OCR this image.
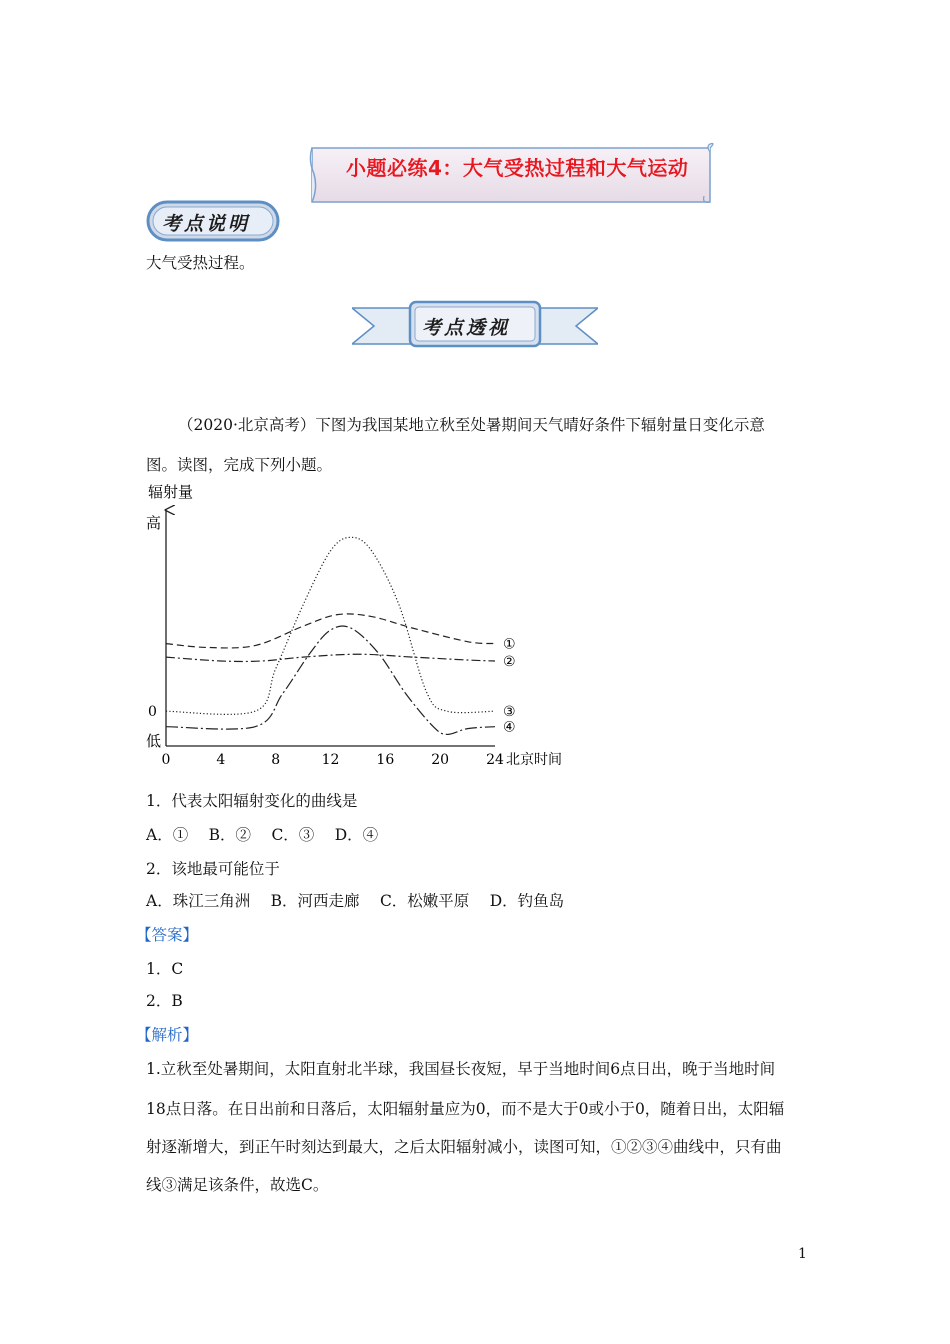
小题必练4：大气受热过程和大气运动
考点说明
大气受热过程。
考点透视
（2020·北京高考）下图为我国某地立秋至处暑期间天气晴好条件下辐射量日变化示意
图。读图，完成下列小题。
辐射量
高
低
0
0	4	8	12	16	20	24 北京时间
①
②
③
④
1．代表太阳辐射变化的曲线是
A．①　 B．②　 C．③　 D．④
2．该地最可能位于
A．珠江三角洲　 B．河西走廊　 C．松嫩平原　 D．钓鱼岛
【答案】
1．C
2．B
【解析】
1.立秋至处暑期间，太阳直射北半球，我国昼长夜短，早于当地时间6点日出，晚于当地时间
18点日落。在日出前和日落后，太阳辐射量应为0，而不是大于0或小于0，随着日出，太阳辐
射逐渐增大，到正午时刻达到最大，之后太阳辐射减小，读图可知，①②③④曲线中，只有曲
线③满足该条件，故选C。
1
